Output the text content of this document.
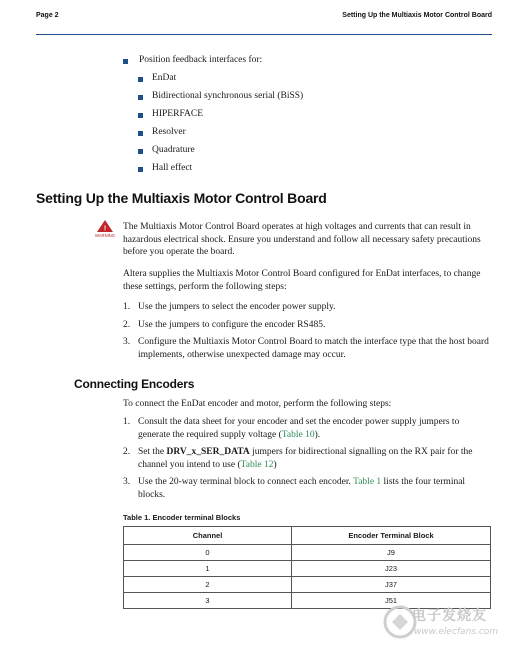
Page 2	Setting Up the Multiaxis Motor Control Board
Position feedback interfaces for:
EnDat
Bidirectional synchronous serial (BiSS)
HIPERFACE
Resolver
Quadrature
Hall effect
Setting Up the Multiaxis Motor Control Board
!
WARNING

The Multiaxis Motor Control Board operates at high voltages and currents that can result in hazardous electrical shock. Ensure you understand and follow all necessary safety precautions before you operate the board.

Altera supplies the Multiaxis Motor Control Board configured for EnDat interfaces, to change these settings, perform the following steps:

1. Use the jumpers to select the encoder power supply.
2. Use the jumpers to configure the encoder RS485.
3. Configure the Multiaxis Motor Control Board to match the interface type that the host board implements, otherwise unexpected damage may occur.
Connecting Encoders

To connect the EnDat encoder and motor, perform the following steps:

1. Consult the data sheet for your encoder and set the encoder power supply jumpers to generate the required supply voltage (Table 10).
2. Set the DRV_x_SER_DATA jumpers for bidirectional signalling on the RX pair for the channel you intend to use (Table 12)
3. Use the 20-way terminal block to connect each encoder. Table 1 lists the four terminal blocks.
Table 1. Encoder terminal Blocks
Channel	Encoder Terminal Block
0	J9
1	J23
2	J37
3	J51
电子发烧友
www.elecfans.com
